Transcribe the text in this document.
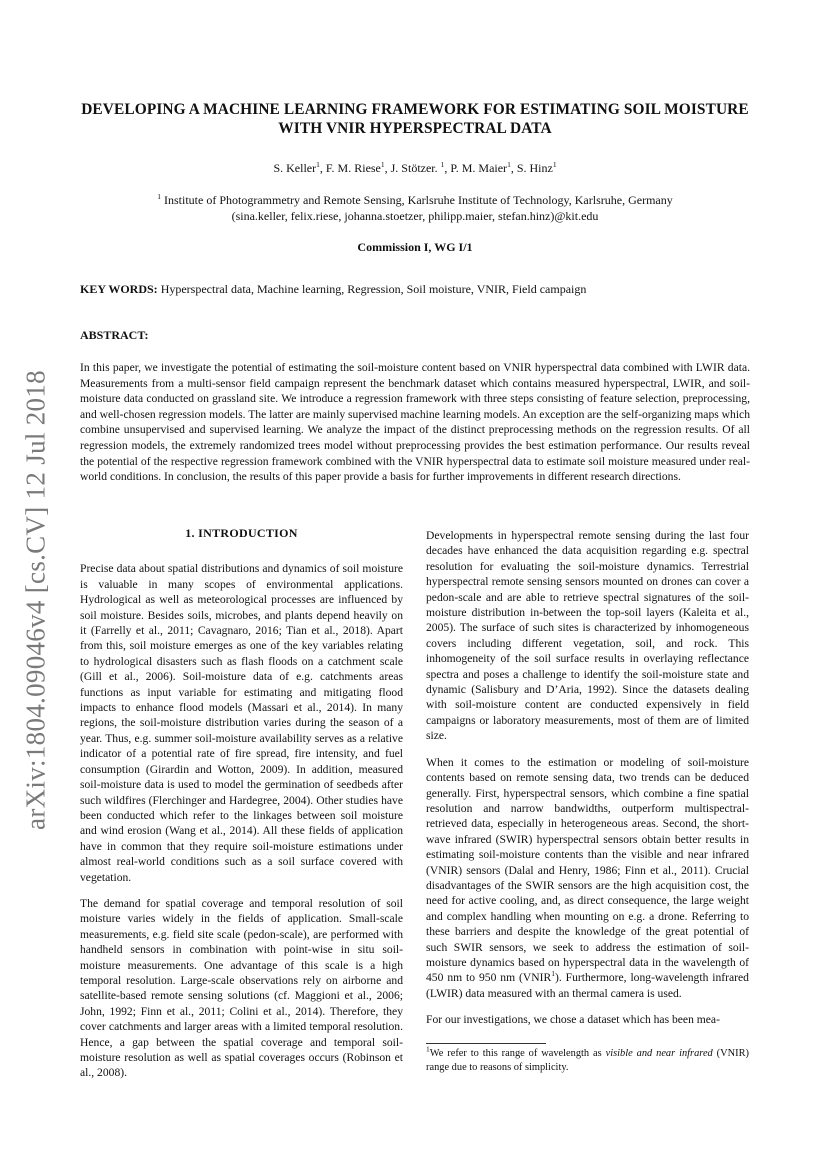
arXiv:1804.09046v4 [cs.CV] 12 Jul 2018
DEVELOPING A MACHINE LEARNING FRAMEWORK FOR ESTIMATING SOIL MOISTURE WITH VNIR HYPERSPECTRAL DATA
S. Keller$^1$, F. M. Riese$^1$, J. Stötzer. $^1$, P. M. Maier$^1$, S. Hinz$^1$
$^1$ Institute of Photogrammetry and Remote Sensing, Karlsruhe Institute of Technology, Karlsruhe, Germany
(sina.keller, felix.riese, johanna.stoetzer, philipp.maier, stefan.hinz)@kit.edu
Commission I, WG I/1
KEY WORDS: Hyperspectral data, Machine learning, Regression, Soil moisture, VNIR, Field campaign
ABSTRACT:
In this paper, we investigate the potential of estimating the soil-moisture content based on VNIR hyperspectral data combined with LWIR data. Measurements from a multi-sensor field campaign represent the benchmark dataset which contains measured hyperspectral, LWIR, and soil-moisture data conducted on grassland site. We introduce a regression framework with three steps consisting of feature selection, preprocessing, and well-chosen regression models. The latter are mainly supervised machine learning models. An exception are the self-organizing maps which combine unsupervised and supervised learning. We analyze the impact of the distinct preprocessing methods on the regression results. Of all regression models, the extremely randomized trees model without preprocessing provides the best estimation performance. Our results reveal the potential of the respective regression framework combined with the VNIR hyperspectral data to estimate soil moisture measured under real-world conditions. In conclusion, the results of this paper provide a basis for further improvements in different research directions.
1. INTRODUCTION

Precise data about spatial distributions and dynamics of soil moisture is valuable in many scopes of environmental applications. Hydrological as well as meteorological processes are influenced by soil moisture. Besides soils, microbes, and plants depend heavily on it (Farrelly et al., 2011; Cavagnaro, 2016; Tian et al., 2018). Apart from this, soil moisture emerges as one of the key variables relating to hydrological disasters such as flash floods on a catchment scale (Gill et al., 2006). Soil-moisture data of e.g. catchments areas functions as input variable for estimating and mitigating flood impacts to enhance flood models (Massari et al., 2014). In many regions, the soil-moisture distribution varies during the season of a year. Thus, e.g. summer soil-moisture availability serves as a relative indicator of a potential rate of fire spread, fire intensity, and fuel consumption (Girardin and Wotton, 2009). In addition, measured soil-moisture data is used to model the germination of seedbeds after such wildfires (Flerchinger and Hardegree, 2004). Other studies have been conducted which refer to the linkages between soil moisture and wind erosion (Wang et al., 2014). All these fields of application have in common that they require soil-moisture estimations under almost real-world conditions such as a soil surface covered with vegetation.

The demand for spatial coverage and temporal resolution of soil moisture varies widely in the fields of application. Small-scale measurements, e.g. field site scale (pedon-scale), are performed with handheld sensors in combination with point-wise in situ soil-moisture measurements. One advantage of this scale is a high temporal resolution. Large-scale observations rely on airborne and satellite-based remote sensing solutions (cf. Maggioni et al., 2006; John, 1992; Finn et al., 2011; Colini et al., 2014). Therefore, they cover catchments and larger areas with a limited temporal resolution. Hence, a gap between the spatial coverage and temporal soil-moisture resolution as well as spatial coverages occurs (Robinson et al., 2008).

Developments in hyperspectral remote sensing during the last four decades have enhanced the data acquisition regarding e.g. spectral resolution for evaluating the soil-moisture dynamics. Terrestrial hyperspectral remote sensing sensors mounted on drones can cover a pedon-scale and are able to retrieve spectral signatures of the soil-moisture distribution in-between the top-soil layers (Kaleita et al., 2005). The surface of such sites is characterized by inhomogeneous covers including different vegetation, soil, and rock. This inhomogeneity of the soil surface results in overlaying reflectance spectra and poses a challenge to identify the soil-moisture state and dynamic (Salisbury and D’Aria, 1992). Since the datasets dealing with soil-moisture content are conducted expensively in field campaigns or laboratory measurements, most of them are of limited size.

When it comes to the estimation or modeling of soil-moisture contents based on remote sensing data, two trends can be deduced generally. First, hyperspectral sensors, which combine a fine spatial resolution and narrow bandwidths, outperform multispectral-retrieved data, especially in heterogeneous areas. Second, the short-wave infrared (SWIR) hyperspectral sensors obtain better results in estimating soil-moisture contents than the visible and near infrared (VNIR) sensors (Dalal and Henry, 1986; Finn et al., 2011). Crucial disadvantages of the SWIR sensors are the high acquisition cost, the need for active cooling, and, as direct consequence, the large weight and complex handling when mounting on e.g. a drone. Referring to these barriers and despite the knowledge of the great potential of such SWIR sensors, we seek to address the estimation of soil-moisture dynamics based on hyperspectral data in the wavelength of 450 nm to 950 nm (VNIR$^1$). Furthermore, long-wavelength infrared (LWIR) data measured with an thermal camera is used.

For our investigations, we chose a dataset which has been mea-

$^1$We refer to this range of wavelength as visible and near infrared (VNIR) range due to reasons of simplicity.
